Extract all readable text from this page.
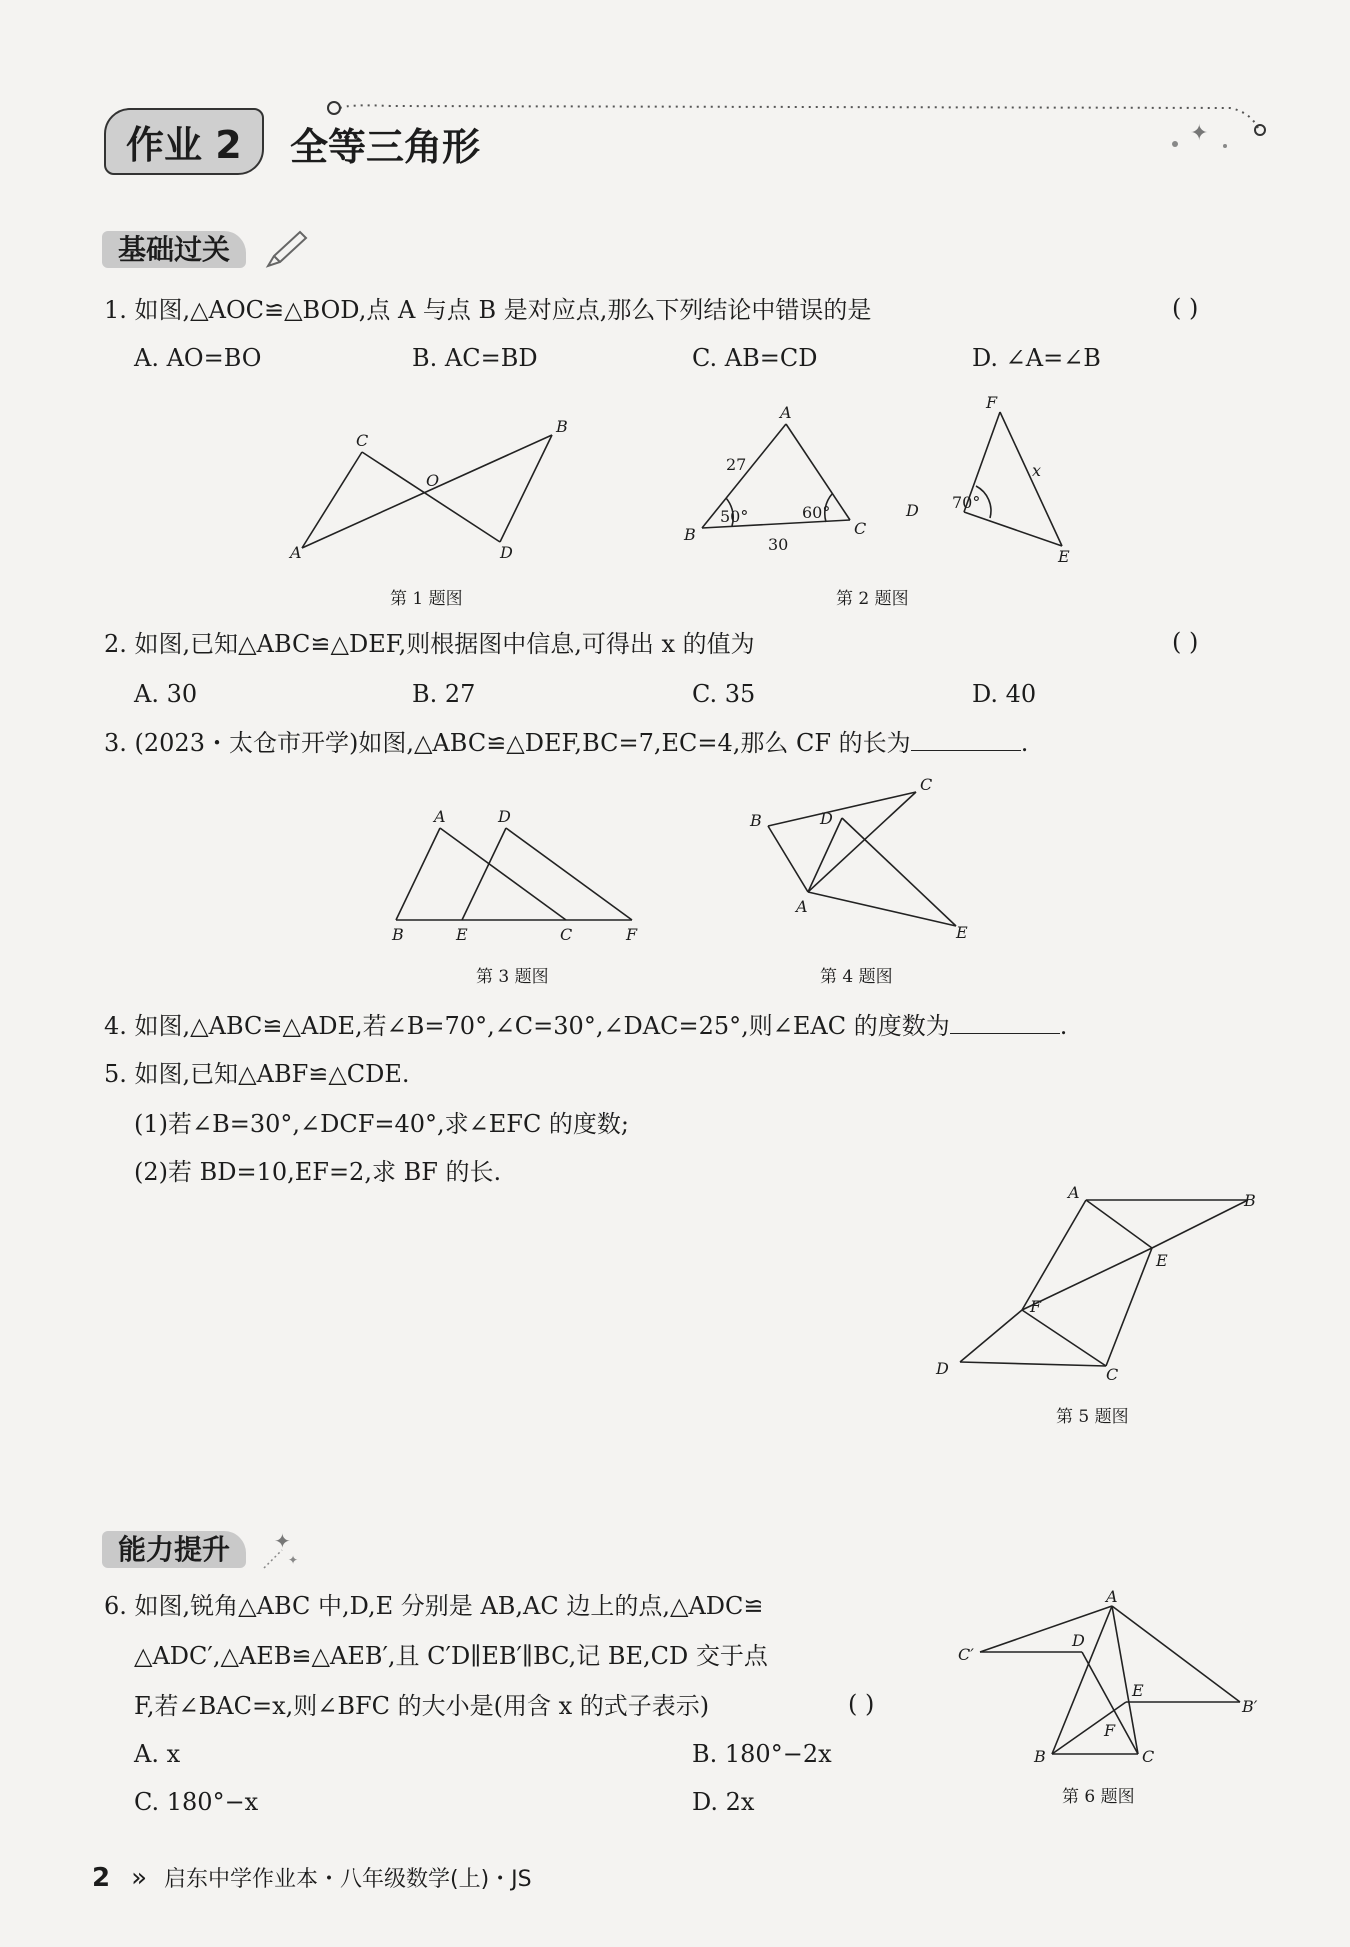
✦
作业 2	全等三角形
基础过关
1. 如图,△AOC≌△BOD,点 A 与点 B 是对应点,那么下列结论中错误的是	( )
A. AO=BO	B. AC=BD	C. AB=CD	D. ∠A=∠B
C
B
O
A	D
第 1 题图
A
27
50°	60°
B	C
30
F
x
D 70°
E
第 2 题图
2. 如图,已知△ABC≌△DEF,则根据图中信息,可得出 x 的值为	( )
A. 30	B. 27	C. 35	D. 40
3. (2023・太仓市开学)如图,△ABC≌△DEF,BC=7,EC=4,那么 CF 的长为	.
A	D
B	E	C	F
第 3 题图
C
B	D
A
E
第 4 题图
4. 如图,△ABC≌△ADE,若∠B=70°,∠C=30°,∠DAC=25°,则∠EAC 的度数为	.
5. 如图,已知△ABF≌△CDE.
(1)若∠B=30°,∠DCF=40°,求∠EFC 的度数;
(2)若 BD=10,EF=2,求 BF 的长.
A	B
E
F
D	C
第 5 题图
能力提升 ✦
✦
6. 如图,锐角△ABC 中,D,E 分别是 AB,AC 边上的点,△ADC≌
△ADC′,△AEB≌△AEB′,且 C′D∥EB′∥BC,记 BE,CD 交于点
F,若∠BAC=x,则∠BFC 的大小是(用含 x 的式子表示)	( )
A. x	B. 180°−2x
C. 180°−x	D. 2x
A
C′
D
E
B′
F
B	C
第 6 题图
2 » 启东中学作业本・八年级数学(上)・JS
